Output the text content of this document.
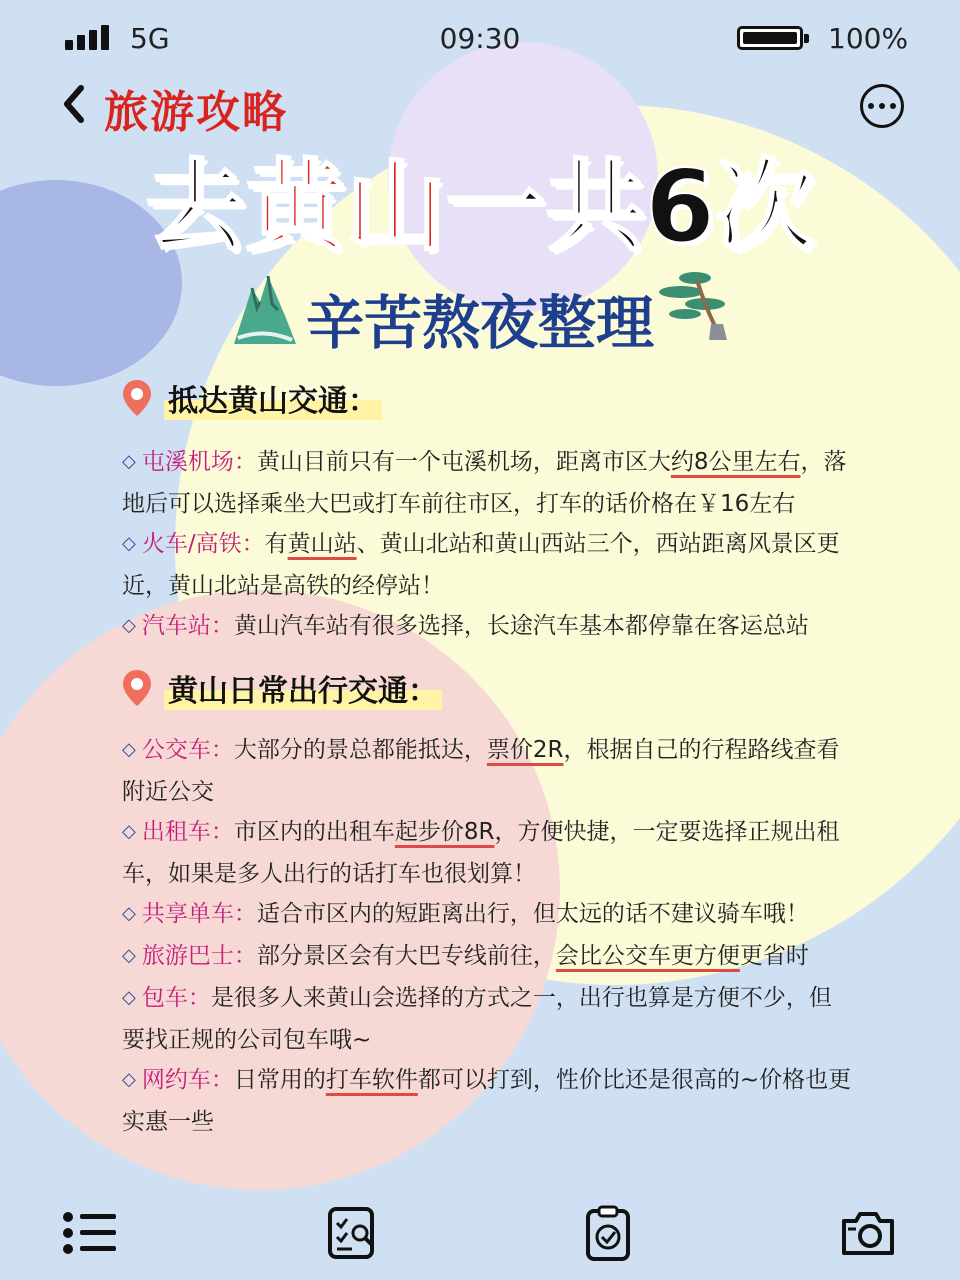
5G	09:30	100%
旅游攻略
去黄山一共6次
辛苦熬夜整理
抵达黄山交通：

◇ 屯溪机场：黄山目前只有一个屯溪机场，距离市区大约8公里左右，落地后可以选择乘坐大巴或打车前往市区，打车的话价格在￥16左右

◇ 火车/高铁：有黄山站、黄山北站和黄山西站三个，西站距离风景区更近，黄山北站是高铁的经停站！

◇ 汽车站：黄山汽车站有很多选择，长途汽车基本都停靠在客运总站

黄山日常出行交通：

◇ 公交车：大部分的景总都能抵达，票价2R，根据自己的行程路线查看附近公交

◇ 出租车：市区内的出租车起步价8R，方便快捷，一定要选择正规出租车，如果是多人出行的话打车也很划算！

◇ 共享单车：适合市区内的短距离出行，但太远的话不建议骑车哦！

◇ 旅游巴士：部分景区会有大巴专线前往，会比公交车更方便更省时

◇ 包车：是很多人来黄山会选择的方式之一，出行也算是方便不少，但要找正规的公司包车哦~

◇ 网约车：日常用的打车软件都可以打到，性价比还是很高的~价格也更实惠一些
